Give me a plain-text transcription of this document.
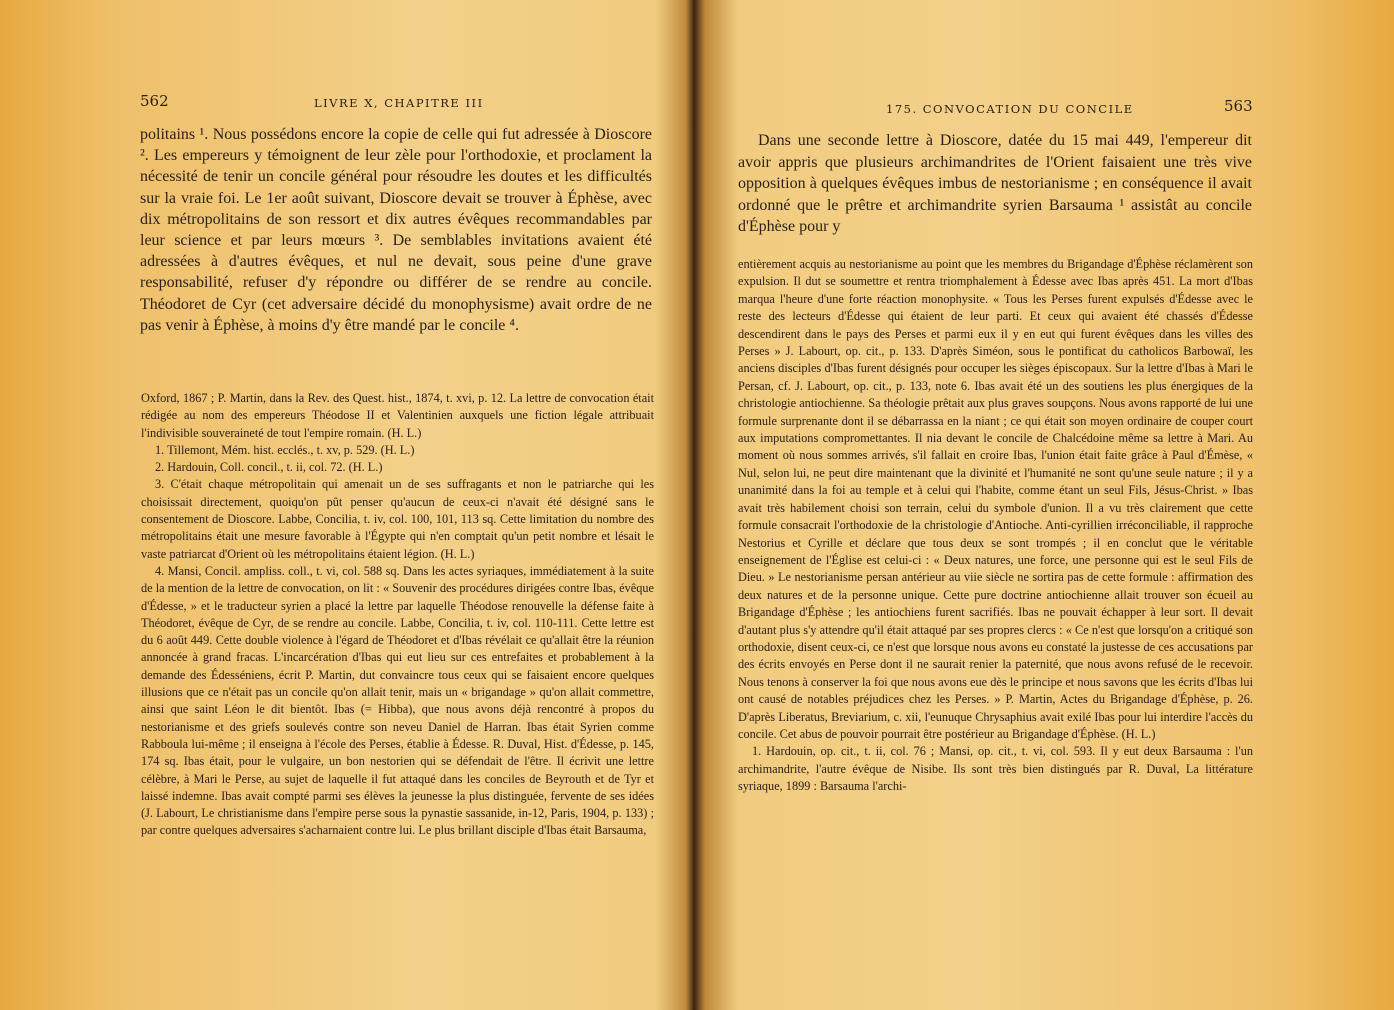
562	LIVRE X, CHAPITRE III

politains ¹. Nous possédons encore la copie de celle qui fut adressée à Dioscore ². Les empereurs y témoignent de leur zèle pour l'orthodoxie, et proclament la nécessité de tenir un concile général pour résoudre les doutes et les difficultés sur la vraie foi. Le 1er août suivant, Dioscore devait se trouver à Éphèse, avec dix métropolitains de son ressort et dix autres évêques recommandables par leur science et par leurs mœurs ³. De semblables invitations avaient été adressées à d'autres évêques, et nul ne devait, sous peine d'une grave responsabilité, refuser d'y répondre ou différer de se rendre au concile. Théodoret de Cyr (cet adversaire décidé du monophysisme) avait ordre de ne pas venir à Éphèse, à moins d'y être mandé par le concile ⁴.

Oxford, 1867 ; P. Martin, dans la Rev. des Quest. hist., 1874, t. xvi, p. 12. La lettre de convocation était rédigée au nom des empereurs Théodose II et Valentinien auxquels une fiction légale attribuait l'indivisible souveraineté de tout l'empire romain. (H. L.)

1. Tillemont, Mém. hist. ecclés., t. xv, p. 529. (H. L.)

2. Hardouin, Coll. concil., t. ii, col. 72. (H. L.)

3. C'était chaque métropolitain qui amenait un de ses suffragants et non le patriarche qui les choisissait directement, quoiqu'on pût penser qu'aucun de ceux-ci n'avait été désigné sans le consentement de Dioscore. Labbe, Concilia, t. iv, col. 100, 101, 113 sq. Cette limitation du nombre des métropolitains était une mesure favorable à l'Égypte qui n'en comptait qu'un petit nombre et lésait le vaste patriarcat d'Orient où les métropolitains étaient légion. (H. L.)

4. Mansi, Concil. ampliss. coll., t. vi, col. 588 sq. Dans les actes syriaques, immédiatement à la suite de la mention de la lettre de convocation, on lit : « Souvenir des procédures dirigées contre Ibas, évêque d'Édesse, » et le traducteur syrien a placé la lettre par laquelle Théodose renouvelle la défense faite à Théodoret, évêque de Cyr, de se rendre au concile. Labbe, Concilia, t. iv, col. 110-111. Cette lettre est du 6 août 449. Cette double violence à l'égard de Théodoret et d'Ibas révélait ce qu'allait être la réunion annoncée à grand fracas. L'incarcération d'Ibas qui eut lieu sur ces entrefaites et probablement à la demande des Édesséniens, écrit P. Martin, dut convaincre tous ceux qui se faisaient encore quelques illusions que ce n'était pas un concile qu'on allait tenir, mais un « brigandage » qu'on allait commettre, ainsi que saint Léon le dit bientôt. Ibas (= Hibba), que nous avons déjà rencontré à propos du nestorianisme et des griefs soulevés contre son neveu Daniel de Harran. Ibas était Syrien comme Rabboula lui-même ; il enseigna à l'école des Perses, établie à Édesse. R. Duval, Hist. d'Édesse, p. 145, 174 sq. Ibas était, pour le vulgaire, un bon nestorien qui se défendait de l'être. Il écrivit une lettre célèbre, à Mari le Perse, au sujet de laquelle il fut attaqué dans les conciles de Beyrouth et de Tyr et laissé indemne. Ibas avait compté parmi ses élèves la jeunesse la plus distinguée, fervente de ses idées (J. Labourt, Le christianisme dans l'empire perse sous la pynastie sassanide, in-12, Paris, 1904, p. 133) ; par contre quelques adversaires s'acharnaient contre lui. Le plus brillant disciple d'Ibas était Barsauma,

175. CONVOCATION DU CONCILE	563

Dans une seconde lettre à Dioscore, datée du 15 mai 449, l'empereur dit avoir appris que plusieurs archimandrites de l'Orient faisaient une très vive opposition à quelques évêques imbus de nestorianisme ; en conséquence il avait ordonné que le prêtre et archimandrite syrien Barsauma ¹ assistât au concile d'Éphèse pour y

entièrement acquis au nestorianisme au point que les membres du Brigandage d'Éphèse réclamèrent son expulsion. Il dut se soumettre et rentra triomphalement à Édesse avec Ibas après 451. La mort d'Ibas marqua l'heure d'une forte réaction monophysite. « Tous les Perses furent expulsés d'Édesse avec le reste des lecteurs d'Édesse qui étaient de leur parti. Et ceux qui avaient été chassés d'Édesse descendirent dans le pays des Perses et parmi eux il y en eut qui furent évêques dans les villes des Perses » J. Labourt, op. cit., p. 133. D'après Siméon, sous le pontificat du catholicos Barbowaï, les anciens disciples d'Ibas furent désignés pour occuper les sièges épiscopaux. Sur la lettre d'Ibas à Mari le Persan, cf. J. Labourt, op. cit., p. 133, note 6. Ibas avait été un des soutiens les plus énergiques de la christologie antiochienne. Sa théologie prêtait aux plus graves soupçons. Nous avons rapporté de lui une formule surprenante dont il se débarrassa en la niant ; ce qui était son moyen ordinaire de couper court aux imputations compromettantes. Il nia devant le concile de Chalcédoine même sa lettre à Mari. Au moment où nous sommes arrivés, s'il fallait en croire Ibas, l'union était faite grâce à Paul d'Émèse, « Nul, selon lui, ne peut dire maintenant que la divinité et l'humanité ne sont qu'une seule nature ; il y a unanimité dans la foi au temple et à celui qui l'habite, comme étant un seul Fils, Jésus-Christ. » Ibas avait très habilement choisi son terrain, celui du symbole d'union. Il a vu très clairement que cette formule consacrait l'orthodoxie de la christologie d'Antioche. Anti-cyrillien irréconciliable, il rapproche Nestorius et Cyrille et déclare que tous deux se sont trompés ; il en conclut que le véritable enseignement de l'Église est celui-ci : « Deux natures, une force, une personne qui est le seul Fils de Dieu. » Le nestorianisme persan antérieur au viie siècle ne sortira pas de cette formule : affirmation des deux natures et de la personne unique. Cette pure doctrine antiochienne allait trouver son écueil au Brigandage d'Éphèse ; les antiochiens furent sacrifiés. Ibas ne pouvait échapper à leur sort. Il devait d'autant plus s'y attendre qu'il était attaqué par ses propres clercs : « Ce n'est que lorsqu'on a critiqué son orthodoxie, disent ceux-ci, ce n'est que lorsque nous avons eu constaté la justesse de ces accusations par des écrits envoyés en Perse dont il ne saurait renier la paternité, que nous avons refusé de le recevoir. Nous tenons à conserver la foi que nous avons eue dès le principe et nous savons que les écrits d'Ibas lui ont causé de notables préjudices chez les Perses. » P. Martin, Actes du Brigandage d'Éphèse, p. 26. D'après Liberatus, Breviarium, c. xii, l'eunuque Chrysaphius avait exilé Ibas pour lui interdire l'accès du concile. Cet abus de pouvoir pourrait être postérieur au Brigandage d'Éphèse. (H. L.)

1. Hardouin, op. cit., t. ii, col. 76 ; Mansi, op. cit., t. vi, col. 593. Il y eut deux Barsauma : l'un archimandrite, l'autre évêque de Nisibe. Ils sont très bien distingués par R. Duval, La littérature syriaque, 1899 : Barsauma l'archi-
